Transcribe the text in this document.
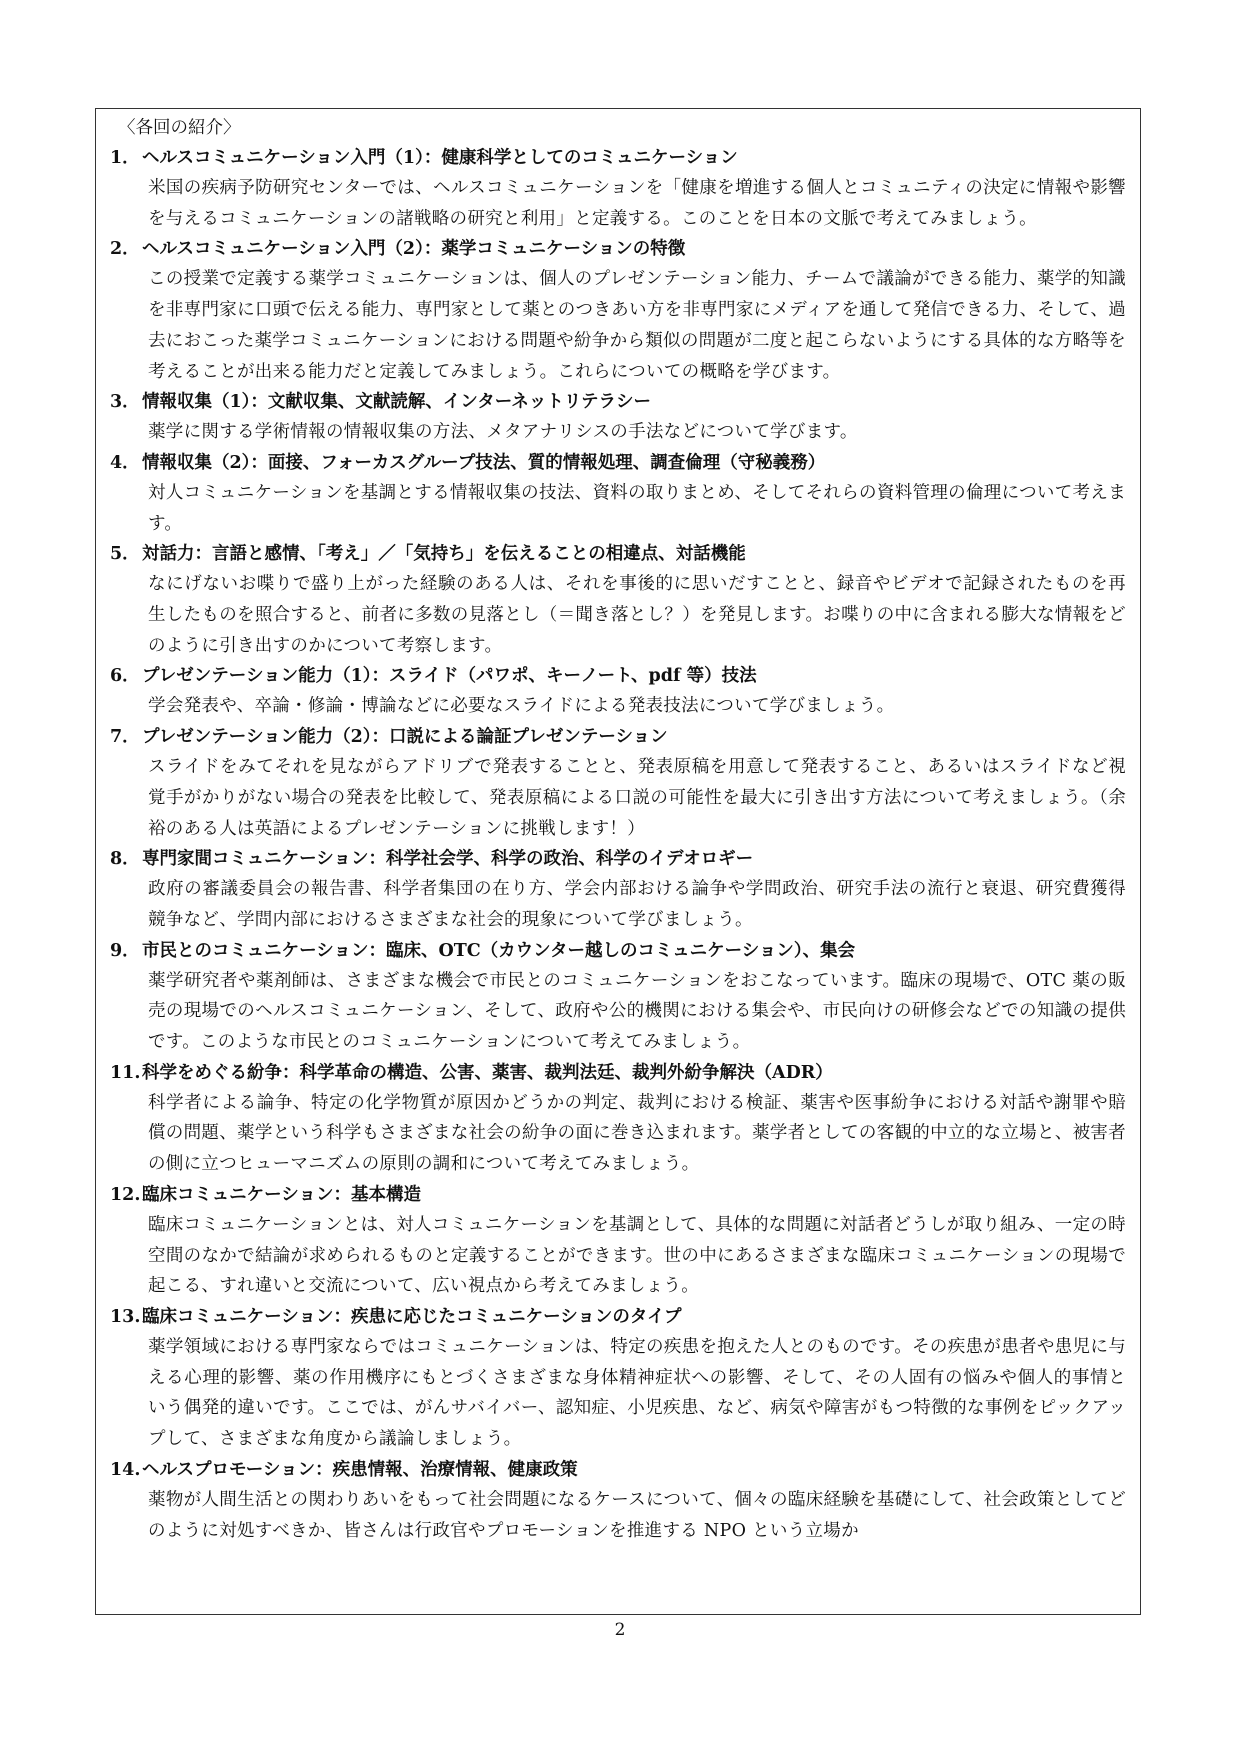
〈各回の紹介〉
1． ヘルスコミュニケーション入門（1）：健康科学としてのコミュニケーション
米国の疾病予防研究センターでは、ヘルスコミュニケーションを「健康を増進する個人とコミュニティの決定に情報や影響を与えるコミュニケーションの諸戦略の研究と利用」と定義する。このことを日本の文脈で考えてみましょう。
2． ヘルスコミュニケーション入門（2）：薬学コミュニケーションの特徴
この授業で定義する薬学コミュニケーションは、個人のプレゼンテーション能力、チームで議論ができる能力、薬学的知識を非専門家に口頭で伝える能力、専門家として薬とのつきあい方を非専門家にメディアを通して発信できる力、そして、過去におこった薬学コミュニケーションにおける問題や紛争から類似の問題が二度と起こらないようにする具体的な方略等を考えることが出来る能力だと定義してみましょう。これらについての概略を学びます。
3． 情報収集（1）：文献収集、文献読解、インターネットリテラシー
薬学に関する学術情報の情報収集の方法、メタアナリシスの手法などについて学びます。
4． 情報収集（2）：面接、フォーカスグループ技法、質的情報処理、調査倫理（守秘義務）
対人コミュニケーションを基調とする情報収集の技法、資料の取りまとめ、そしてそれらの資料管理の倫理について考えます。
5． 対話力：言語と感情、「考え」／「気持ち」を伝えることの相違点、対話機能
なにげないお喋りで盛り上がった経験のある人は、それを事後的に思いだすことと、録音やビデオで記録されたものを再生したものを照合すると、前者に多数の見落とし（＝聞き落とし？）を発見します。お喋りの中に含まれる膨大な情報をどのように引き出すのかについて考察します。
6． プレゼンテーション能力（1）：スライド（パワポ、キーノート、pdf 等）技法
学会発表や、卒論・修論・博論などに必要なスライドによる発表技法について学びましょう。
7． プレゼンテーション能力（2）：口説による論証プレゼンテーション
スライドをみてそれを見ながらアドリブで発表することと、発表原稿を用意して発表すること、あるいはスライドなど視覚手がかりがない場合の発表を比較して、発表原稿による口説の可能性を最大に引き出す方法について考えましょう。（余裕のある人は英語によるプレゼンテーションに挑戦します！）
8． 専門家間コミュニケーション：科学社会学、科学の政治、科学のイデオロギー
政府の審議委員会の報告書、科学者集団の在り方、学会内部おける論争や学問政治、研究手法の流行と衰退、研究費獲得競争など、学問内部におけるさまざまな社会的現象について学びましょう。
9． 市民とのコミュニケーション：臨床、OTC（カウンター越しのコミュニケーション）、集会
薬学研究者や薬剤師は、さまざまな機会で市民とのコミュニケーションをおこなっています。臨床の現場で、OTC 薬の販売の現場でのヘルスコミュニケーション、そして、政府や公的機関における集会や、市民向けの研修会などでの知識の提供です。このような市民とのコミュニケーションについて考えてみましょう。
11. 科学をめぐる紛争：科学革命の構造、公害、薬害、裁判法廷、裁判外紛争解決（ADR）
科学者による論争、特定の化学物質が原因かどうかの判定、裁判における検証、薬害や医事紛争における対話や謝罪や賠償の問題、薬学という科学もさまざまな社会の紛争の面に巻き込まれます。薬学者としての客観的中立的な立場と、被害者の側に立つヒューマニズムの原則の調和について考えてみましょう。
12. 臨床コミュニケーション：基本構造
臨床コミュニケーションとは、対人コミュニケーションを基調として、具体的な問題に対話者どうしが取り組み、一定の時空間のなかで結論が求められるものと定義することができます。世の中にあるさまざまな臨床コミュニケーションの現場で起こる、すれ違いと交流について、広い視点から考えてみましょう。
13. 臨床コミュニケーション：疾患に応じたコミュニケーションのタイプ
薬学領域における専門家ならではコミュニケーションは、特定の疾患を抱えた人とのものです。その疾患が患者や患児に与える心理的影響、薬の作用機序にもとづくさまざまな身体精神症状への影響、そして、その人固有の悩みや個人的事情という偶発的違いです。ここでは、がんサバイバー、認知症、小児疾患、など、病気や障害がもつ特徴的な事例をピックアップして、さまざまな角度から議論しましょう。
14. ヘルスプロモーション：疾患情報、治療情報、健康政策
薬物が人間生活との関わりあいをもって社会問題になるケースについて、個々の臨床経験を基礎にして、社会政策としてどのように対処すべきか、皆さんは行政官やプロモーションを推進する NPO という立場か
2
